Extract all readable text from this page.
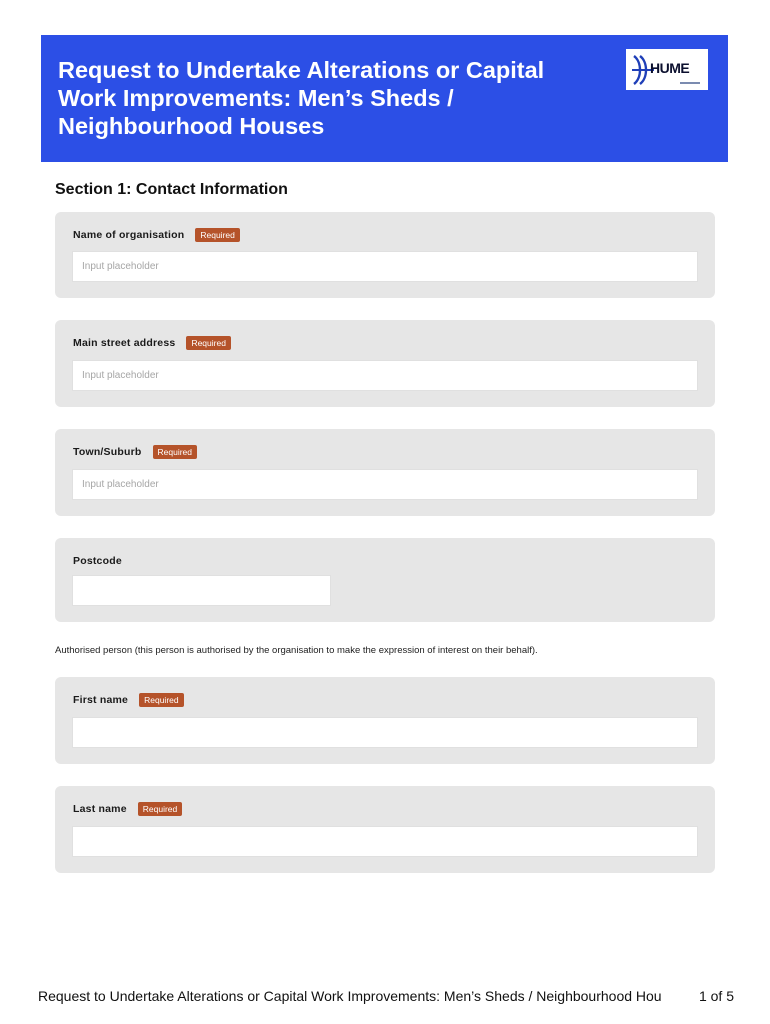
Request to Undertake Alterations or Capital Work Improvements: Men’s Sheds / Neighbourhood Houses
HUME
Section 1: Contact Information
Name of organisation	Required
Input placeholder
Main street address	Required
Input placeholder
Town/Suburb	Required
Input placeholder
Postcode
Authorised person (this person is authorised by the organisation to make the expression of interest on their behalf).
First name	Required
Last name	Required
Request to Undertake Alterations or Capital Work Improvements: Men’s Sheds / Neighbourhood Hou	1 of 5
